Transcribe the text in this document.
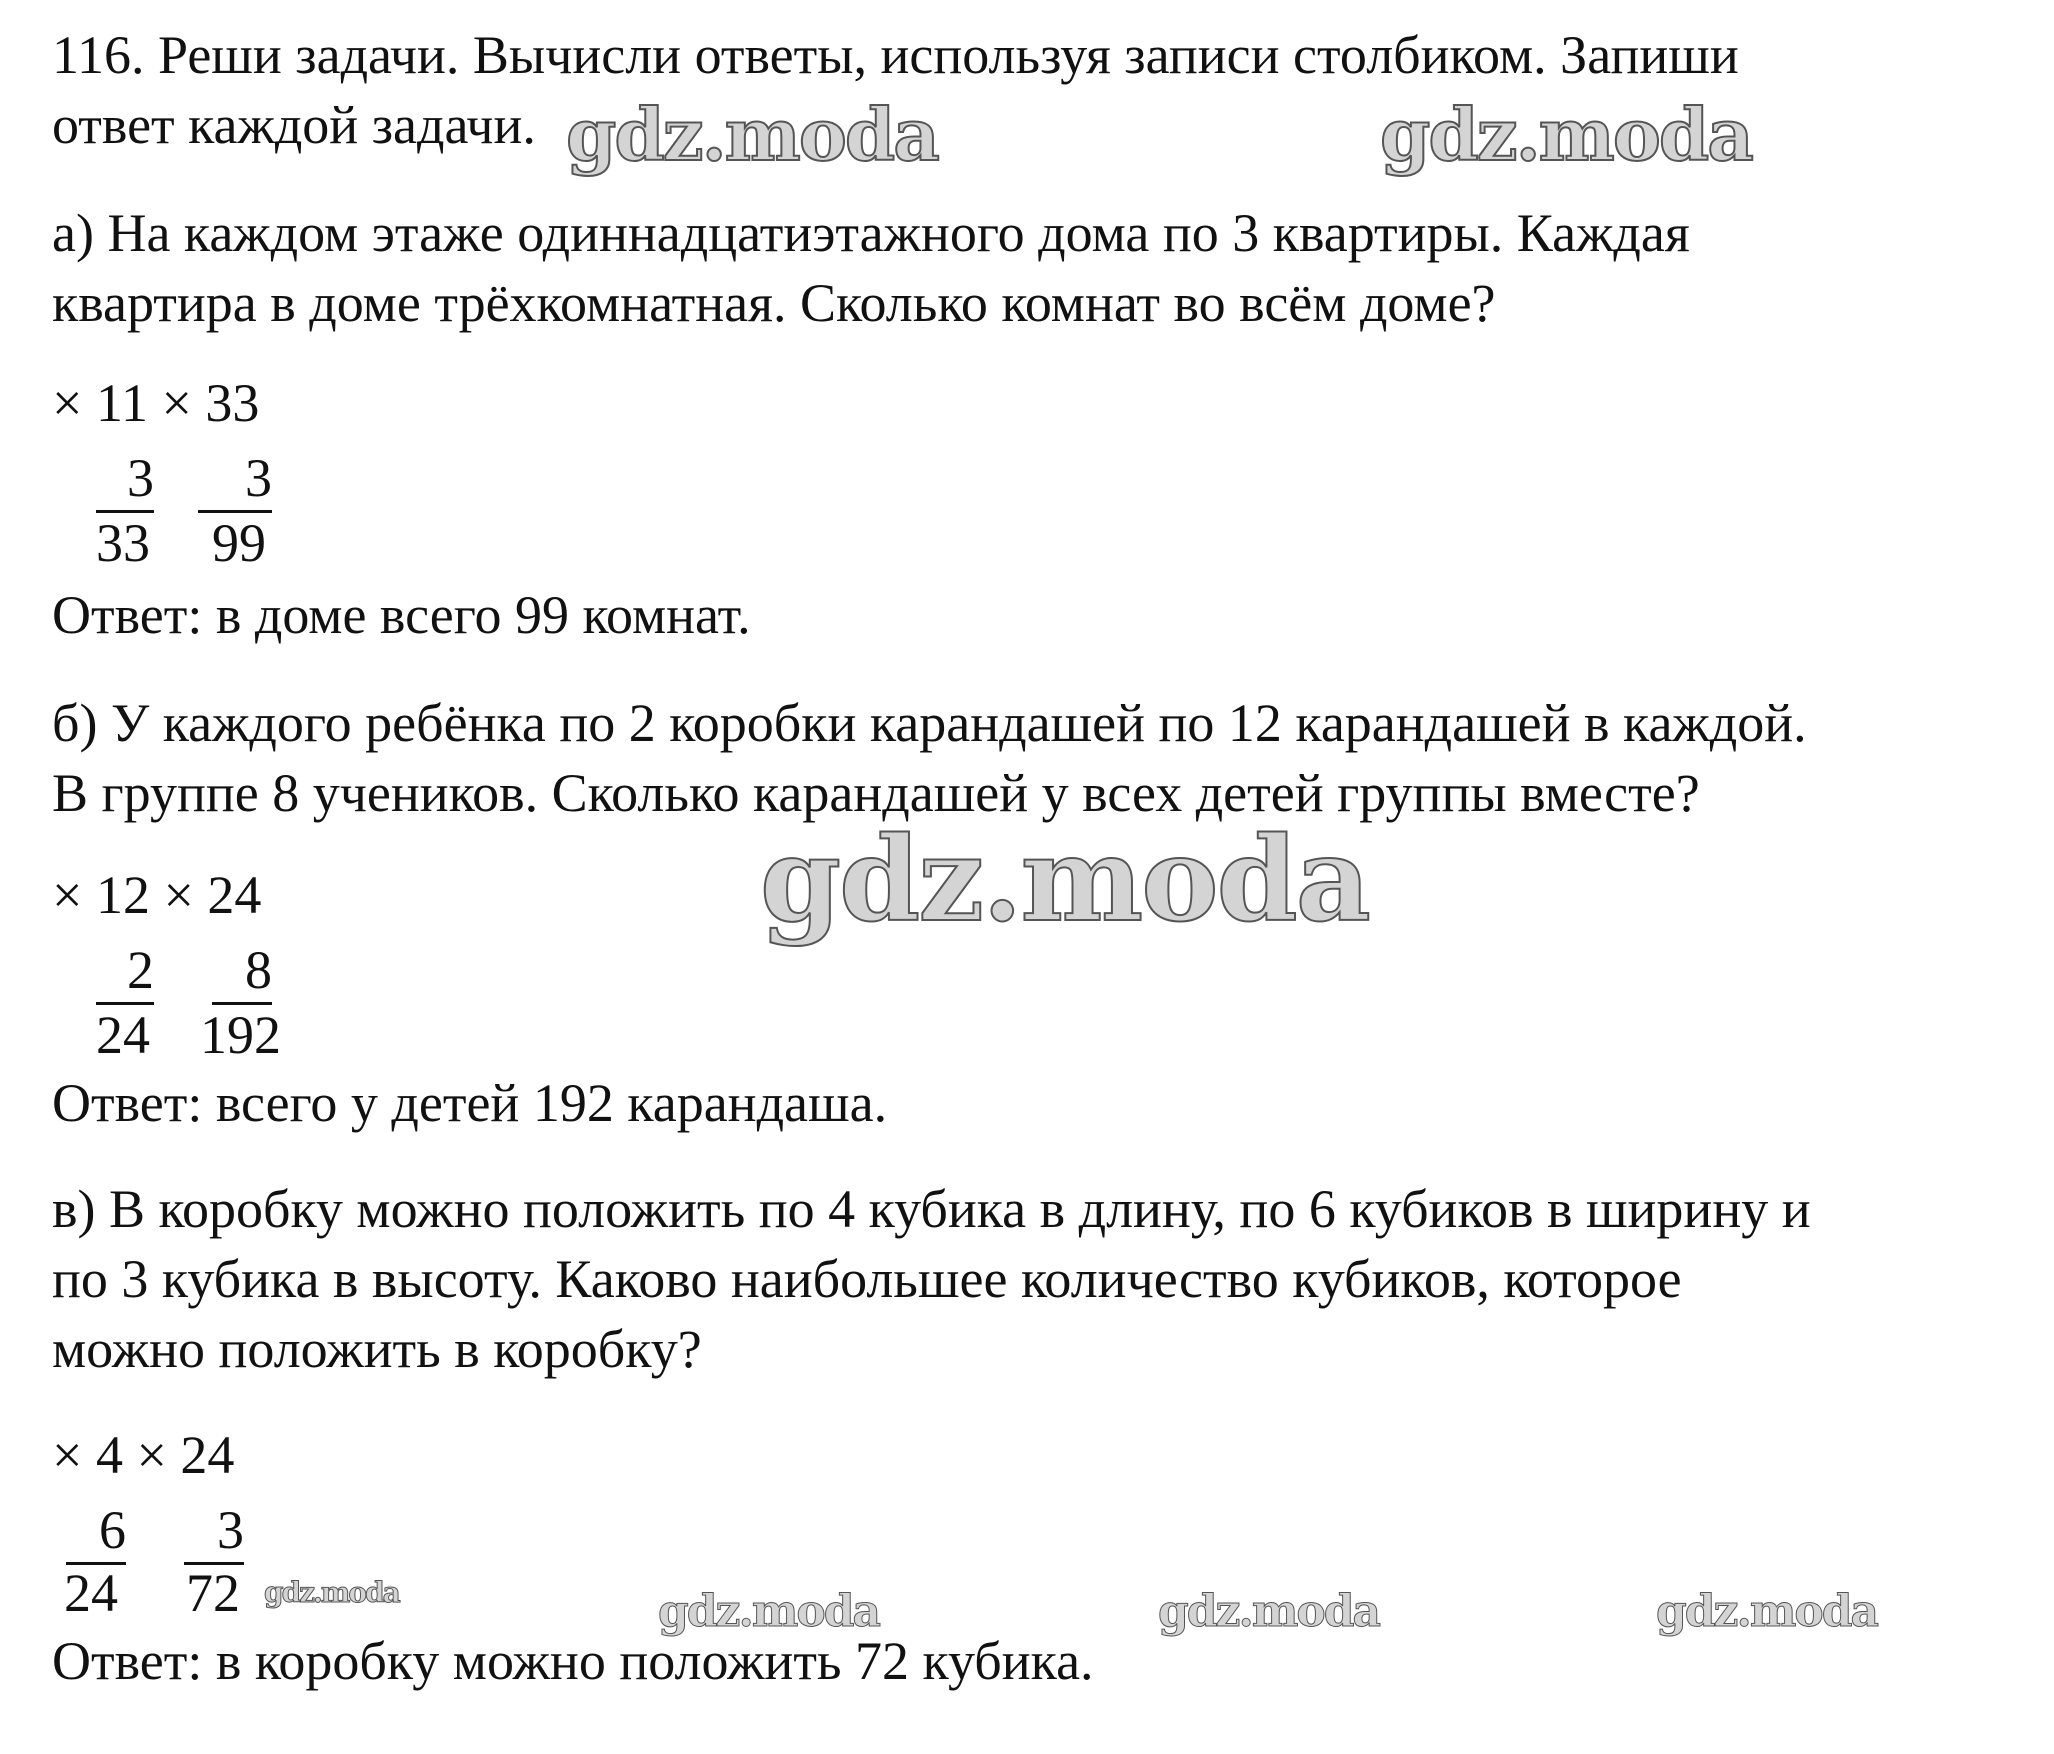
116. Реши задачи. Вычисли ответы, используя записи столбиком. Запиши
ответ каждой задачи.
а) На каждом этаже одиннадцатиэтажного дома по 3 квартиры. Каждая
квартира в доме трёхкомнатная. Сколько комнат во всём доме?
× 11 × 33
3	3
33 99
Ответ: в доме всего 99 комнат.
б) У каждого ребёнка по 2 коробки карандашей по 12 карандашей в каждой.
В группе 8 учеников. Сколько карандашей у всех детей группы вместе?
× 12 × 24
2	8
24 192
Ответ: всего у детей 192 карандаша.
в) В коробку можно положить по 4 кубика в длину, по 6 кубиков в ширину и
по 3 кубика в высоту. Каково наибольшее количество кубиков, которое
можно положить в коробку?
× 4 × 24
6	3
24 72
Ответ: в коробку можно положить 72 кубика.
gdz.moda	gdz.moda
gdz.moda
gdz.moda	gdz.moda	gdz.moda	gdz.moda
